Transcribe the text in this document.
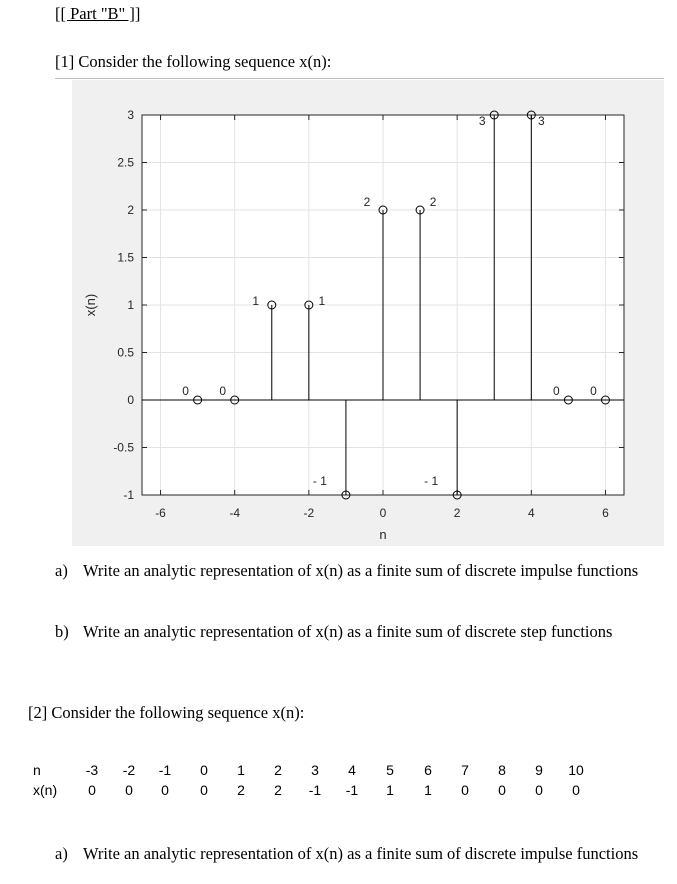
[[ Part "B" ]]
[1] Consider the following sequence x(n):
-6	-4	-2	0	2	4	6
-1
-0.5
0
0.5
1
1.5
2
2.5
3
n
x(n)
0	0
1	1
- 1
2	2
- 1
3	3
0	0
a) Write an analytic representation of x(n) as a finite sum of discrete impulse functions
b) Write an analytic representation of x(n) as a finite sum of discrete step functions
[2] Consider the following sequence x(n):
n
x(n)
-3	-2	-1	0	1	2	3	4	5	6	7	8	9	10
0	0	0	0	2	2	-1	-1	1	1	0	0	0	0
a) Write an analytic representation of x(n) as a finite sum of discrete impulse functions
